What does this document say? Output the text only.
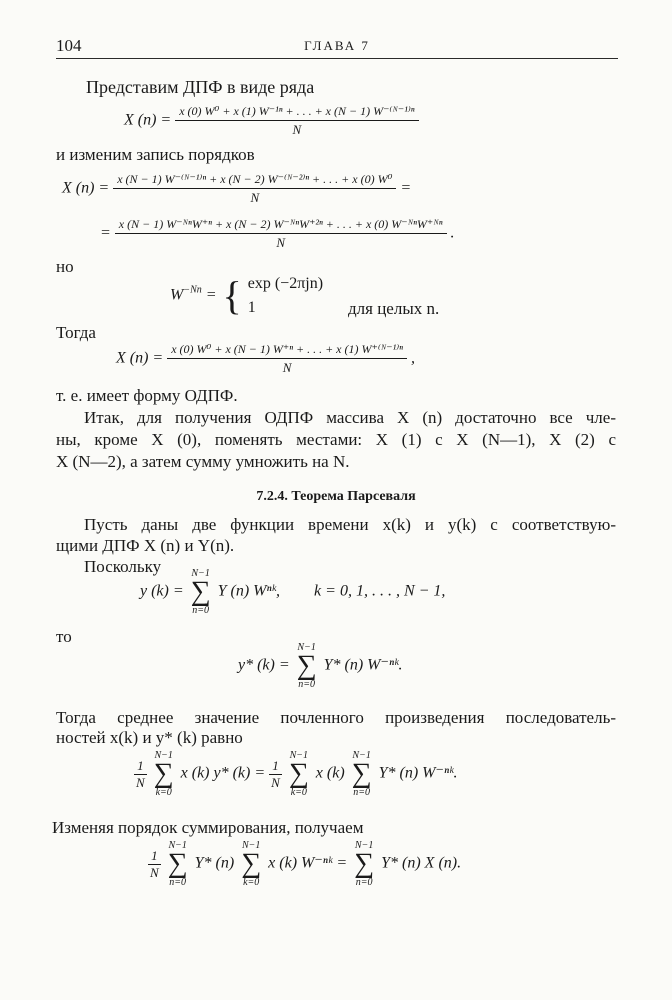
104	ГЛАВА 7
Представим ДПФ в виде ряда
X $(n) = \frac{\text{x (0) W⁰ + x (1) W⁻¹ⁿ + . . . + x (N − 1) W⁻⁽ᴺ⁻¹⁾ⁿ}}{N}$
и изменим запись порядков
X $(n) = \frac{\text{x (N − 1) W⁻⁽ᴺ⁻¹⁾ⁿ + x (N − 2) W⁻⁽ᴺ⁻²⁾ⁿ + . . . + x (0) W⁰}}{N}$ =
=
x (N − 1) W⁻ᴺⁿW⁺ⁿ + x (N − 2) W⁻ᴺⁿW⁺²ⁿ + . . . + x (0) W⁻ᴺⁿW⁺ᴺⁿ
N
.
но
$W^{-Nn}$ = { exp (−2πjn)
1	для целых n.
Тогда
X $(n) = \frac{\text{x (0) W⁰ + x (N − 1) W⁺ⁿ + . . . + x (1) W⁺⁽ᴺ⁻¹⁾ⁿ}}{N}$ ,
т. е. имеет форму ОДПФ.
Итак, для получения ОДПФ массива X (n) достаточно все чле-
ны, кроме X (0), поменять местами: X (1) с X (N—1), X (2) с
X (N—2), а затем сумму умножить на N.
7.2.4. Теорема Парсеваля
Пусть даны две функции времени x(k) и y(k) с соответствую-
щими ДПФ X (n) и Y(n).
Поскольку
y (k) =
N−1
∑
n=0
Y (n) Wⁿᵏ, k = 0, 1, . . . , N − 1,
то
y* (k) =
N−1
∑
n=0
Y* (n) W⁻ⁿᵏ.
Тогда среднее значение почленного произведения последователь-
ностей x(k) и y* (k) равно
$\frac{1}{N}$

N−1
∑
k=0
x (k) y* $(k) = \frac{1}{N}$

N−1
∑
k=0
x (k)
N−1
∑
n=0
Y* (n) W⁻ⁿᵏ.
Изменяя порядок суммирования, получаем
$\frac{1}{N}$

N−1
∑
n=0
Y* (n)
N−1
∑
k=0
x (k) W⁻ⁿᵏ =
N−1
∑
n=0
Y* (n) X (n).
